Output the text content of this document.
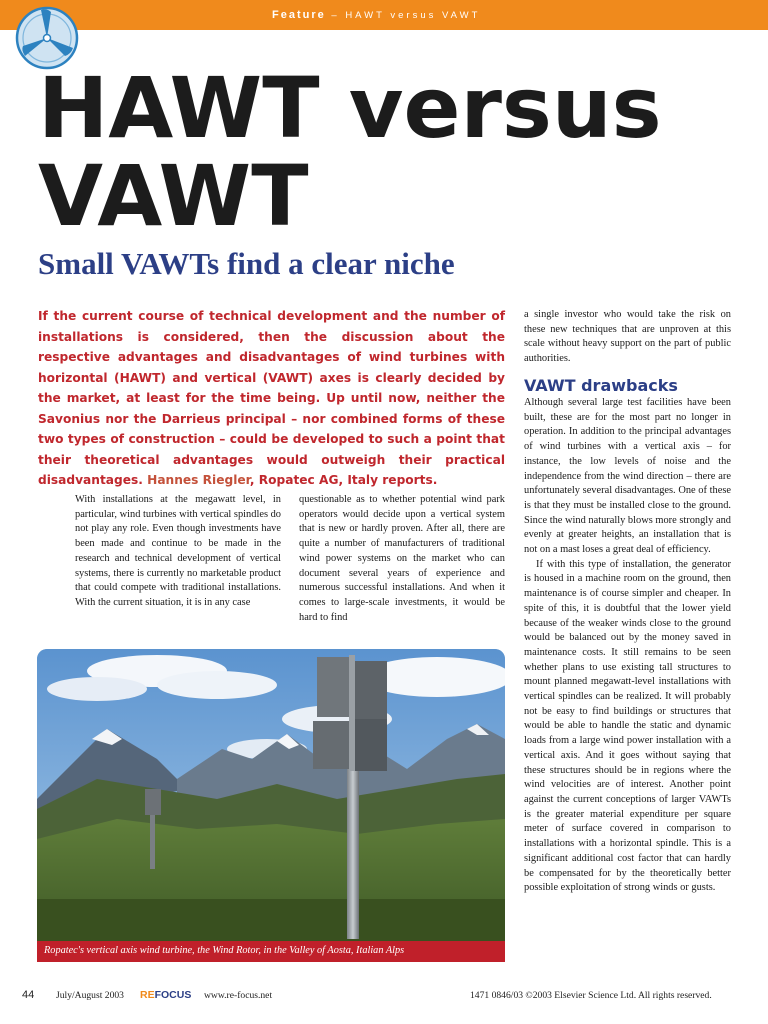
Feature – HAWT versus VAWT
HAWT versus VAWT
Small VAWTs find a clear niche

If the current course of technical development and the number of installations is considered, then the discussion about the respective advantages and disadvantages of wind turbines with horizontal (HAWT) and vertical (VAWT) axes is clearly decided by the market, at least for the time being. Up until now, neither the Savonius nor the Darrieus principal – nor combined forms of these two types of construction – could be developed to such a point that their theoretical advantages would outweigh their practical disadvantages. Hannes Riegler, Ropatec AG, Italy reports.

With installations at the megawatt level, in particular, wind turbines with vertical spindles do not play any role. Even though investments have been made and continue to be made in the research and technical development of vertical systems, there is currently no marketable product that could compete with traditional installations. With the current situation, it is in any case

questionable as to whether potential wind park operators would decide upon a vertical system that is new or hardly proven. After all, there are quite a number of manufacturers of traditional wind power systems on the market who can document several years of experience and numerous successful installations. And when it comes to large-scale investments, it would be hard to find

a single investor who would take the risk on these new techniques that are unproven at this scale without heavy support on the part of public authorities.

VAWT drawbacks

Although several large test facilities have been built, these are for the most part no longer in operation. In addition to the principal advantages of wind turbines with a vertical axis – for instance, the low levels of noise and the independence from the wind direction – there are unfortunately several disadvantages. One of these is that they must be installed close to the ground. Since the wind naturally blows more strongly and evenly at greater heights, an installation that is not on a mast loses a great deal of efficiency.

If with this type of installation, the generator is housed in a machine room on the ground, then maintenance is of course simpler and cheaper. In spite of this, it is doubtful that the lower yield because of the weaker winds close to the ground would be balanced out by the money saved in maintenance costs. It still remains to be seen whether plans to use existing tall structures to mount planned megawatt-level installations with vertical spindles can be realized. It will probably not be easy to find buildings or structures that would be able to handle the static and dynamic loads from a large wind power installation with a vertical axis. And it goes without saying that these structures should be in regions where the wind velocities are of interest. Another point against the current conceptions of larger VAWTs is the greater material expenditure per square meter of surface covered in comparison to installations with a horizontal spindle. This is a significant additional cost factor that can hardly be compensated for by the theoretically better possible exploitation of strong winds or gusts.

Ropatec's vertical axis wind turbine, the Wind Rotor, in the Valley of Aosta, Italian Alps
44 July/August 2003 REFOCUS www.re-focus.net	1471 0846/03 ©2003 Elsevier Science Ltd. All rights reserved.
